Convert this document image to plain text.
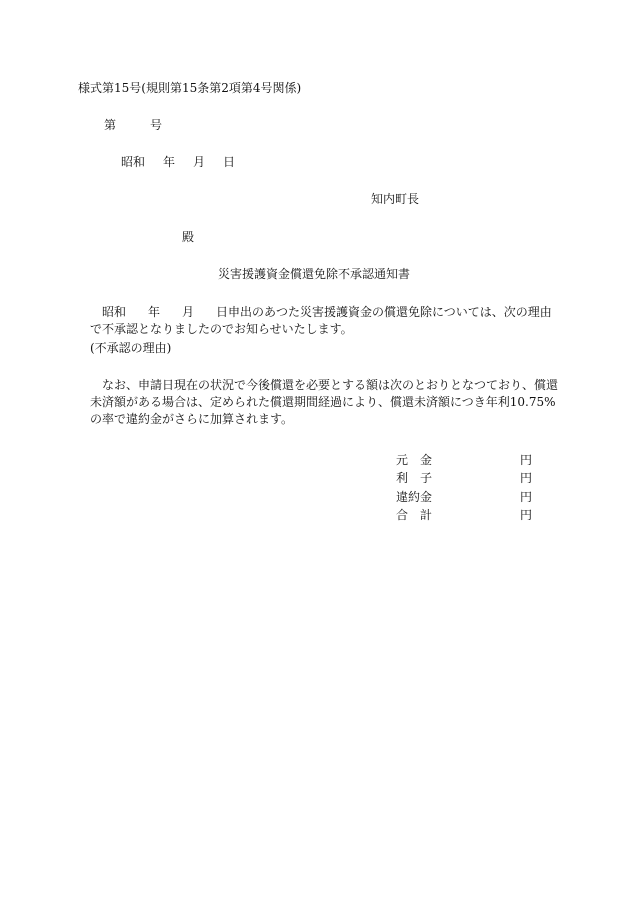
様式第15号(規則第15条第2項第4号関係)
第	号
昭和 年 月 日
知内町長
殿
災害援護資金償還免除不承認通知書
昭和 年 月 日申出のあつた災害援護資金の償還免除については、次の理由で不承認となりましたのでお知らせいたします。
(不承認の理由)
なお、申請日現在の状況で今後償還を必要とする額は次のとおりとなつており、償還未済額がある場合は、定められた償還期間経過により、償還未済額につき年利10.75%の率で違約金がさらに加算されます。
元　金	円
利　子	円
違約金	円
合　計	円
